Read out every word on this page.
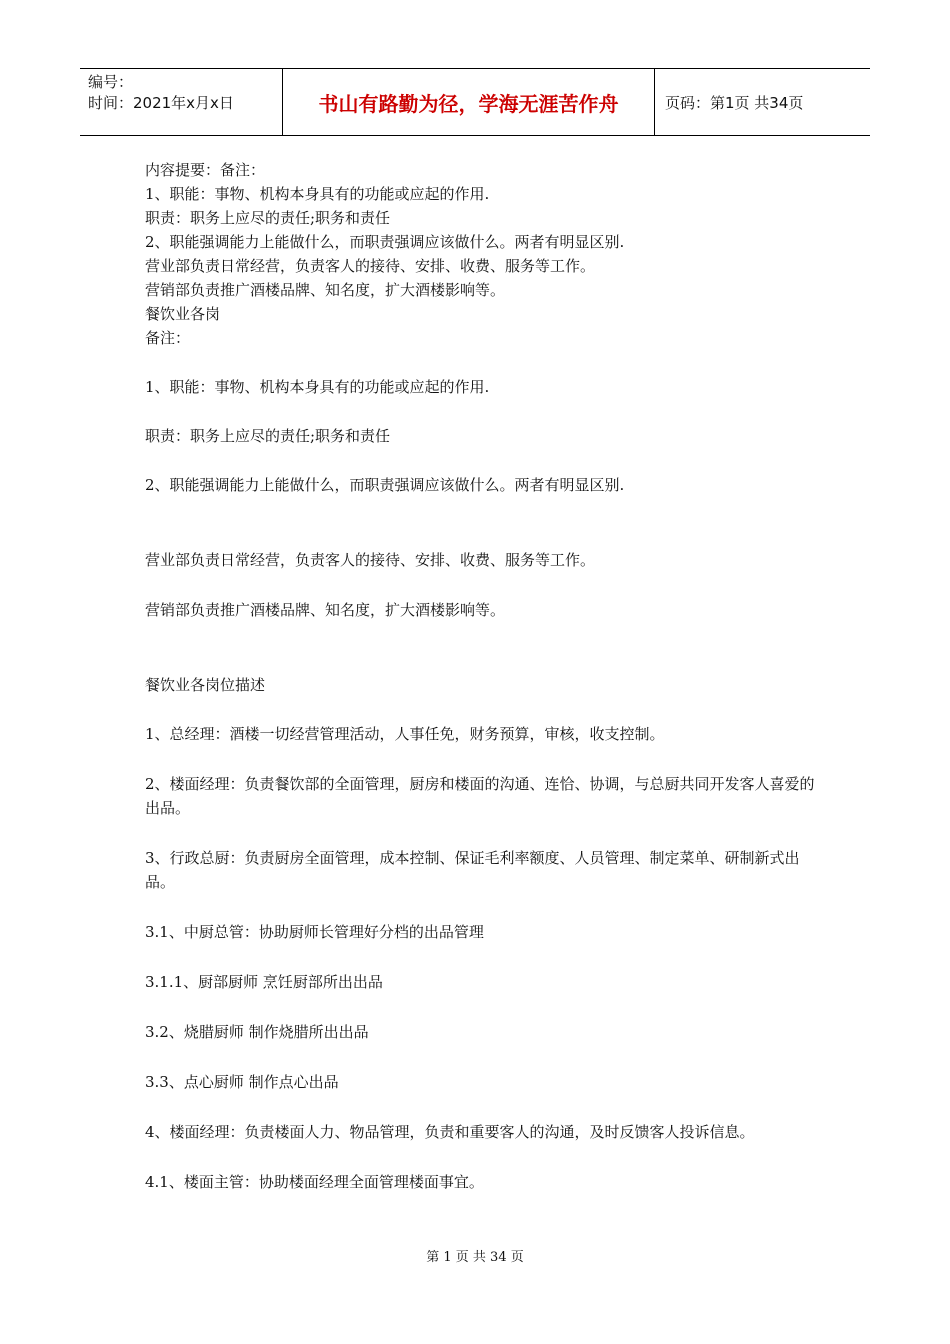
编号：
时间：2021年x月x日	书山有路勤为径，学海无涯苦作舟	页码：第1页 共34页

内容提要：备注：

1、职能：事物、机构本身具有的功能或应起的作用.

职责：职务上应尽的责任;职务和责任

2、职能强调能力上能做什么，而职责强调应该做什么。两者有明显区别.

营业部负责日常经营，负责客人的接待、安排、收费、服务等工作。

营销部负责推广酒楼品牌、知名度，扩大酒楼影响等。

餐饮业各岗

备注：

1、职能：事物、机构本身具有的功能或应起的作用.

职责：职务上应尽的责任;职务和责任

2、职能强调能力上能做什么，而职责强调应该做什么。两者有明显区别.

营业部负责日常经营，负责客人的接待、安排、收费、服务等工作。

营销部负责推广酒楼品牌、知名度，扩大酒楼影响等。

餐饮业各岗位描述

1、总经理：酒楼一切经营管理活动，人事任免，财务预算，审核，收支控制。

2、楼面经理：负责餐饮部的全面管理，厨房和楼面的沟通、连恰、协调，与总厨共同开发客人喜爱的出品。

3、行政总厨：负责厨房全面管理，成本控制、保证毛利率额度、人员管理、制定菜单、研制新式出品。

3.1、中厨总管：协助厨师长管理好分档的出品管理

3.1.1、厨部厨师 烹饪厨部所出出品

3.2、烧腊厨师 制作烧腊所出出品

3.3、点心厨师 制作点心出品

4、楼面经理：负责楼面人力、物品管理，负责和重要客人的沟通，及时反馈客人投诉信息。

4.1、楼面主管：协助楼面经理全面管理楼面事宜。

第 1 页 共 34 页
